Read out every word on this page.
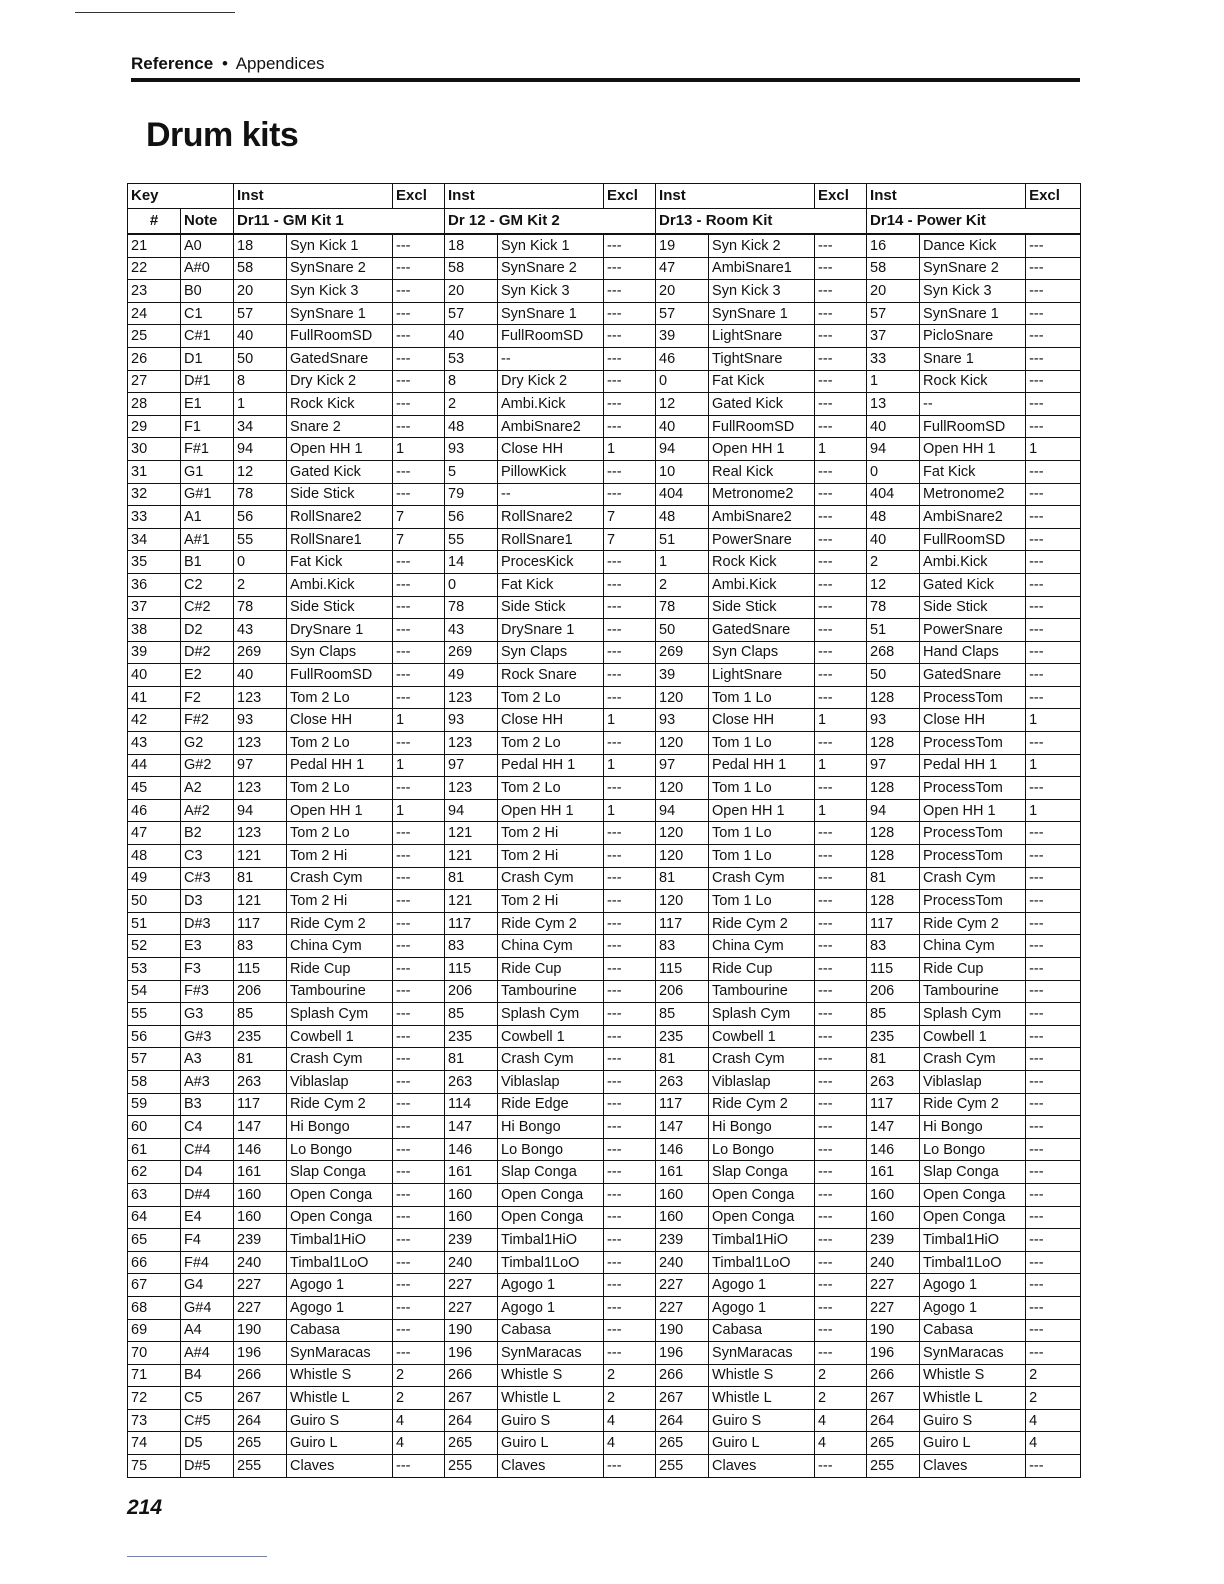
Reference • Appendices
Drum kits
Key		Inst		Excl	Inst		Excl	Inst		Excl	Inst		Excl
#	Note	Dr11 - GM Kit 1			Dr 12 - GM Kit 2			Dr13 - Room Kit			Dr14 - Power Kit		
21	A0	18	Syn Kick 1	---	18	Syn Kick 1	---	19	Syn Kick 2	---	16	Dance Kick	---
22	A#0	58	SynSnare 2	---	58	SynSnare 2	---	47	AmbiSnare1	---	58	SynSnare 2	---
23	B0	20	Syn Kick 3	---	20	Syn Kick 3	---	20	Syn Kick 3	---	20	Syn Kick 3	---
24	C1	57	SynSnare 1	---	57	SynSnare 1	---	57	SynSnare 1	---	57	SynSnare 1	---
25	C#1	40	FullRoomSD	---	40	FullRoomSD	---	39	LightSnare	---	37	PicloSnare	---
26	D1	50	GatedSnare	---	53	--	---	46	TightSnare	---	33	Snare 1	---
27	D#1	8	Dry Kick 2	---	8	Dry Kick 2	---	0	Fat Kick	---	1	Rock Kick	---
28	E1	1	Rock Kick	---	2	Ambi.Kick	---	12	Gated Kick	---	13	--	---
29	F1	34	Snare 2	---	48	AmbiSnare2	---	40	FullRoomSD	---	40	FullRoomSD	---
30	F#1	94	Open HH 1	1	93	Close HH	1	94	Open HH 1	1	94	Open HH 1	1
31	G1	12	Gated Kick	---	5	PillowKick	---	10	Real Kick	---	0	Fat Kick	---
32	G#1	78	Side Stick	---	79	--	---	404	Metronome2	---	404	Metronome2	---
33	A1	56	RollSnare2	7	56	RollSnare2	7	48	AmbiSnare2	---	48	AmbiSnare2	---
34	A#1	55	RollSnare1	7	55	RollSnare1	7	51	PowerSnare	---	40	FullRoomSD	---
35	B1	0	Fat Kick	---	14	ProcesKick	---	1	Rock Kick	---	2	Ambi.Kick	---
36	C2	2	Ambi.Kick	---	0	Fat Kick	---	2	Ambi.Kick	---	12	Gated Kick	---
37	C#2	78	Side Stick	---	78	Side Stick	---	78	Side Stick	---	78	Side Stick	---
38	D2	43	DrySnare 1	---	43	DrySnare 1	---	50	GatedSnare	---	51	PowerSnare	---
39	D#2	269	Syn Claps	---	269	Syn Claps	---	269	Syn Claps	---	268	Hand Claps	---
40	E2	40	FullRoomSD	---	49	Rock Snare	---	39	LightSnare	---	50	GatedSnare	---
41	F2	123	Tom 2 Lo	---	123	Tom 2 Lo	---	120	Tom 1 Lo	---	128	ProcessTom	---
42	F#2	93	Close HH	1	93	Close HH	1	93	Close HH	1	93	Close HH	1
43	G2	123	Tom 2 Lo	---	123	Tom 2 Lo	---	120	Tom 1 Lo	---	128	ProcessTom	---
44	G#2	97	Pedal HH 1	1	97	Pedal HH 1	1	97	Pedal HH 1	1	97	Pedal HH 1	1
45	A2	123	Tom 2 Lo	---	123	Tom 2 Lo	---	120	Tom 1 Lo	---	128	ProcessTom	---
46	A#2	94	Open HH 1	1	94	Open HH 1	1	94	Open HH 1	1	94	Open HH 1	1
47	B2	123	Tom 2 Lo	---	121	Tom 2 Hi	---	120	Tom 1 Lo	---	128	ProcessTom	---
48	C3	121	Tom 2 Hi	---	121	Tom 2 Hi	---	120	Tom 1 Lo	---	128	ProcessTom	---
49	C#3	81	Crash Cym	---	81	Crash Cym	---	81	Crash Cym	---	81	Crash Cym	---
50	D3	121	Tom 2 Hi	---	121	Tom 2 Hi	---	120	Tom 1 Lo	---	128	ProcessTom	---
51	D#3	117	Ride Cym 2	---	117	Ride Cym 2	---	117	Ride Cym 2	---	117	Ride Cym 2	---
52	E3	83	China Cym	---	83	China Cym	---	83	China Cym	---	83	China Cym	---
53	F3	115	Ride Cup	---	115	Ride Cup	---	115	Ride Cup	---	115	Ride Cup	---
54	F#3	206	Tambourine	---	206	Tambourine	---	206	Tambourine	---	206	Tambourine	---
55	G3	85	Splash Cym	---	85	Splash Cym	---	85	Splash Cym	---	85	Splash Cym	---
56	G#3	235	Cowbell 1	---	235	Cowbell 1	---	235	Cowbell 1	---	235	Cowbell 1	---
57	A3	81	Crash Cym	---	81	Crash Cym	---	81	Crash Cym	---	81	Crash Cym	---
58	A#3	263	Viblaslap	---	263	Viblaslap	---	263	Viblaslap	---	263	Viblaslap	---
59	B3	117	Ride Cym 2	---	114	Ride Edge	---	117	Ride Cym 2	---	117	Ride Cym 2	---
60	C4	147	Hi Bongo	---	147	Hi Bongo	---	147	Hi Bongo	---	147	Hi Bongo	---
61	C#4	146	Lo Bongo	---	146	Lo Bongo	---	146	Lo Bongo	---	146	Lo Bongo	---
62	D4	161	Slap Conga	---	161	Slap Conga	---	161	Slap Conga	---	161	Slap Conga	---
63	D#4	160	Open Conga	---	160	Open Conga	---	160	Open Conga	---	160	Open Conga	---
64	E4	160	Open Conga	---	160	Open Conga	---	160	Open Conga	---	160	Open Conga	---
65	F4	239	Timbal1HiO	---	239	Timbal1HiO	---	239	Timbal1HiO	---	239	Timbal1HiO	---
66	F#4	240	Timbal1LoO	---	240	Timbal1LoO	---	240	Timbal1LoO	---	240	Timbal1LoO	---
67	G4	227	Agogo 1	---	227	Agogo 1	---	227	Agogo 1	---	227	Agogo 1	---
68	G#4	227	Agogo 1	---	227	Agogo 1	---	227	Agogo 1	---	227	Agogo 1	---
69	A4	190	Cabasa	---	190	Cabasa	---	190	Cabasa	---	190	Cabasa	---
70	A#4	196	SynMaracas	---	196	SynMaracas	---	196	SynMaracas	---	196	SynMaracas	---
71	B4	266	Whistle S	2	266	Whistle S	2	266	Whistle S	2	266	Whistle S	2
72	C5	267	Whistle L	2	267	Whistle L	2	267	Whistle L	2	267	Whistle L	2
73	C#5	264	Guiro S	4	264	Guiro S	4	264	Guiro S	4	264	Guiro S	4
74	D5	265	Guiro L	4	265	Guiro L	4	265	Guiro L	4	265	Guiro L	4
75	D#5	255	Claves	---	255	Claves	---	255	Claves	---	255	Claves	---
214
